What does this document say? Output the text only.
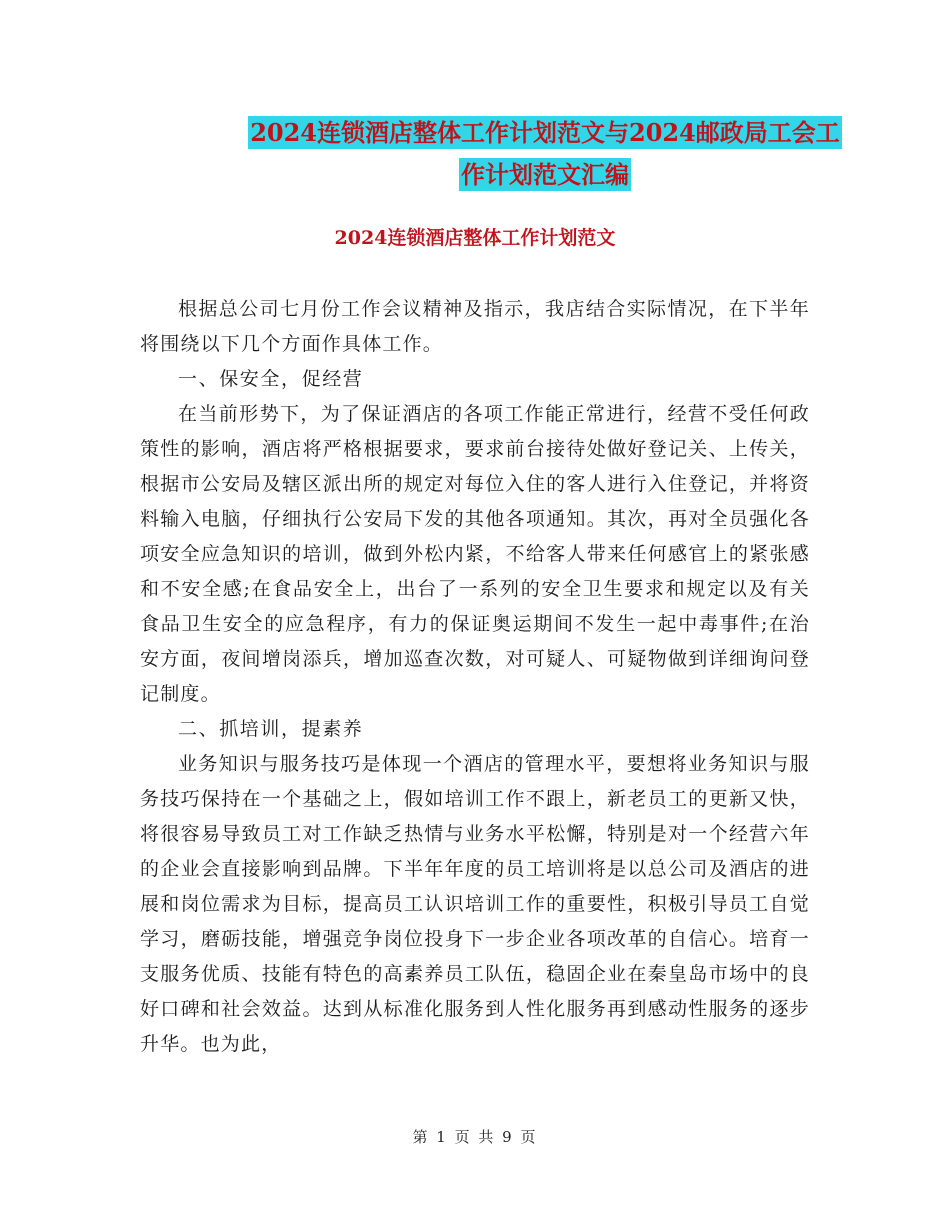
2024连锁酒店整体工作计划范文与2024邮政局工会工
作计划范文汇编
2024连锁酒店整体工作计划范文

根据总公司七月份工作会议精神及指示，我店结合实际情况，在下半年将围绕以下几个方面作具体工作。

一、保安全，促经营

在当前形势下，为了保证酒店的各项工作能正常进行，经营不受任何政策性的影响，酒店将严格根据要求，要求前台接待处做好登记关、上传关，根据市公安局及辖区派出所的规定对每位入住的客人进行入住登记，并将资料输入电脑，仔细执行公安局下发的其他各项通知。其次，再对全员强化各项安全应急知识的培训，做到外松内紧，不给客人带来任何感官上的紧张感和不安全感;在食品安全上，出台了一系列的安全卫生要求和规定以及有关食品卫生安全的应急程序，有力的保证奥运期间不发生一起中毒事件;在治安方面，夜间增岗添兵，增加巡查次数，对可疑人、可疑物做到详细询问登记制度。

二、抓培训，提素养

业务知识与服务技巧是体现一个酒店的管理水平，要想将业务知识与服务技巧保持在一个基础之上，假如培训工作不跟上，新老员工的更新又快，将很容易导致员工对工作缺乏热情与业务水平松懈，特别是对一个经营六年的企业会直接影响到品牌。下半年年度的员工培训将是以总公司及酒店的进展和岗位需求为目标，提高员工认识培训工作的重要性，积极引导员工自觉学习，磨砺技能，增强竞争岗位投身下一步企业各项改革的自信心。培育一支服务优质、技能有特色的高素养员工队伍，稳固企业在秦皇岛市场中的良好口碑和社会效益。达到从标准化服务到人性化服务再到感动性服务的逐步升华。也为此，

第 1 页 共 9 页
